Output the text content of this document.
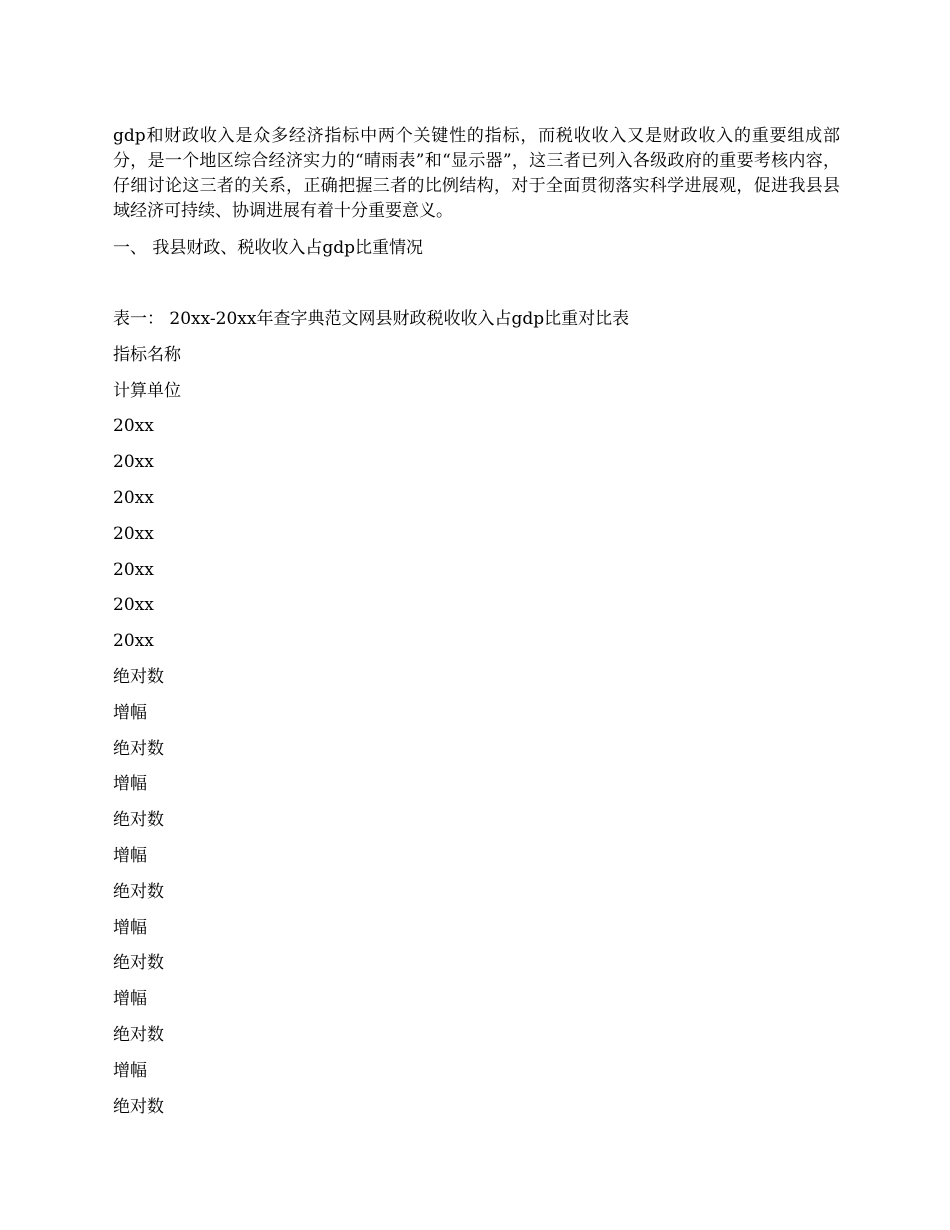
gdp和财政收入是众多经济指标中两个关键性的指标，而税收收入又是财政收入的重要组成部分，是一个地区综合经济实力的“晴雨表”和“显示器”，这三者已列入各级政府的重要考核内容，仔细讨论这三者的关系，正确把握三者的比例结构，对于全面贯彻落实科学进展观，促进我县县域经济可持续、协调进展有着十分重要意义。

一、 我县财政、税收收入占gdp比重情况

表一： 20xx-20xx年查字典范文网县财政税收收入占gdp比重对比表

指标名称
计算单位
20xx
20xx
20xx
20xx
20xx
20xx
20xx
绝对数
增幅
绝对数
增幅
绝对数
增幅
绝对数
增幅
绝对数
增幅
绝对数
增幅
绝对数
